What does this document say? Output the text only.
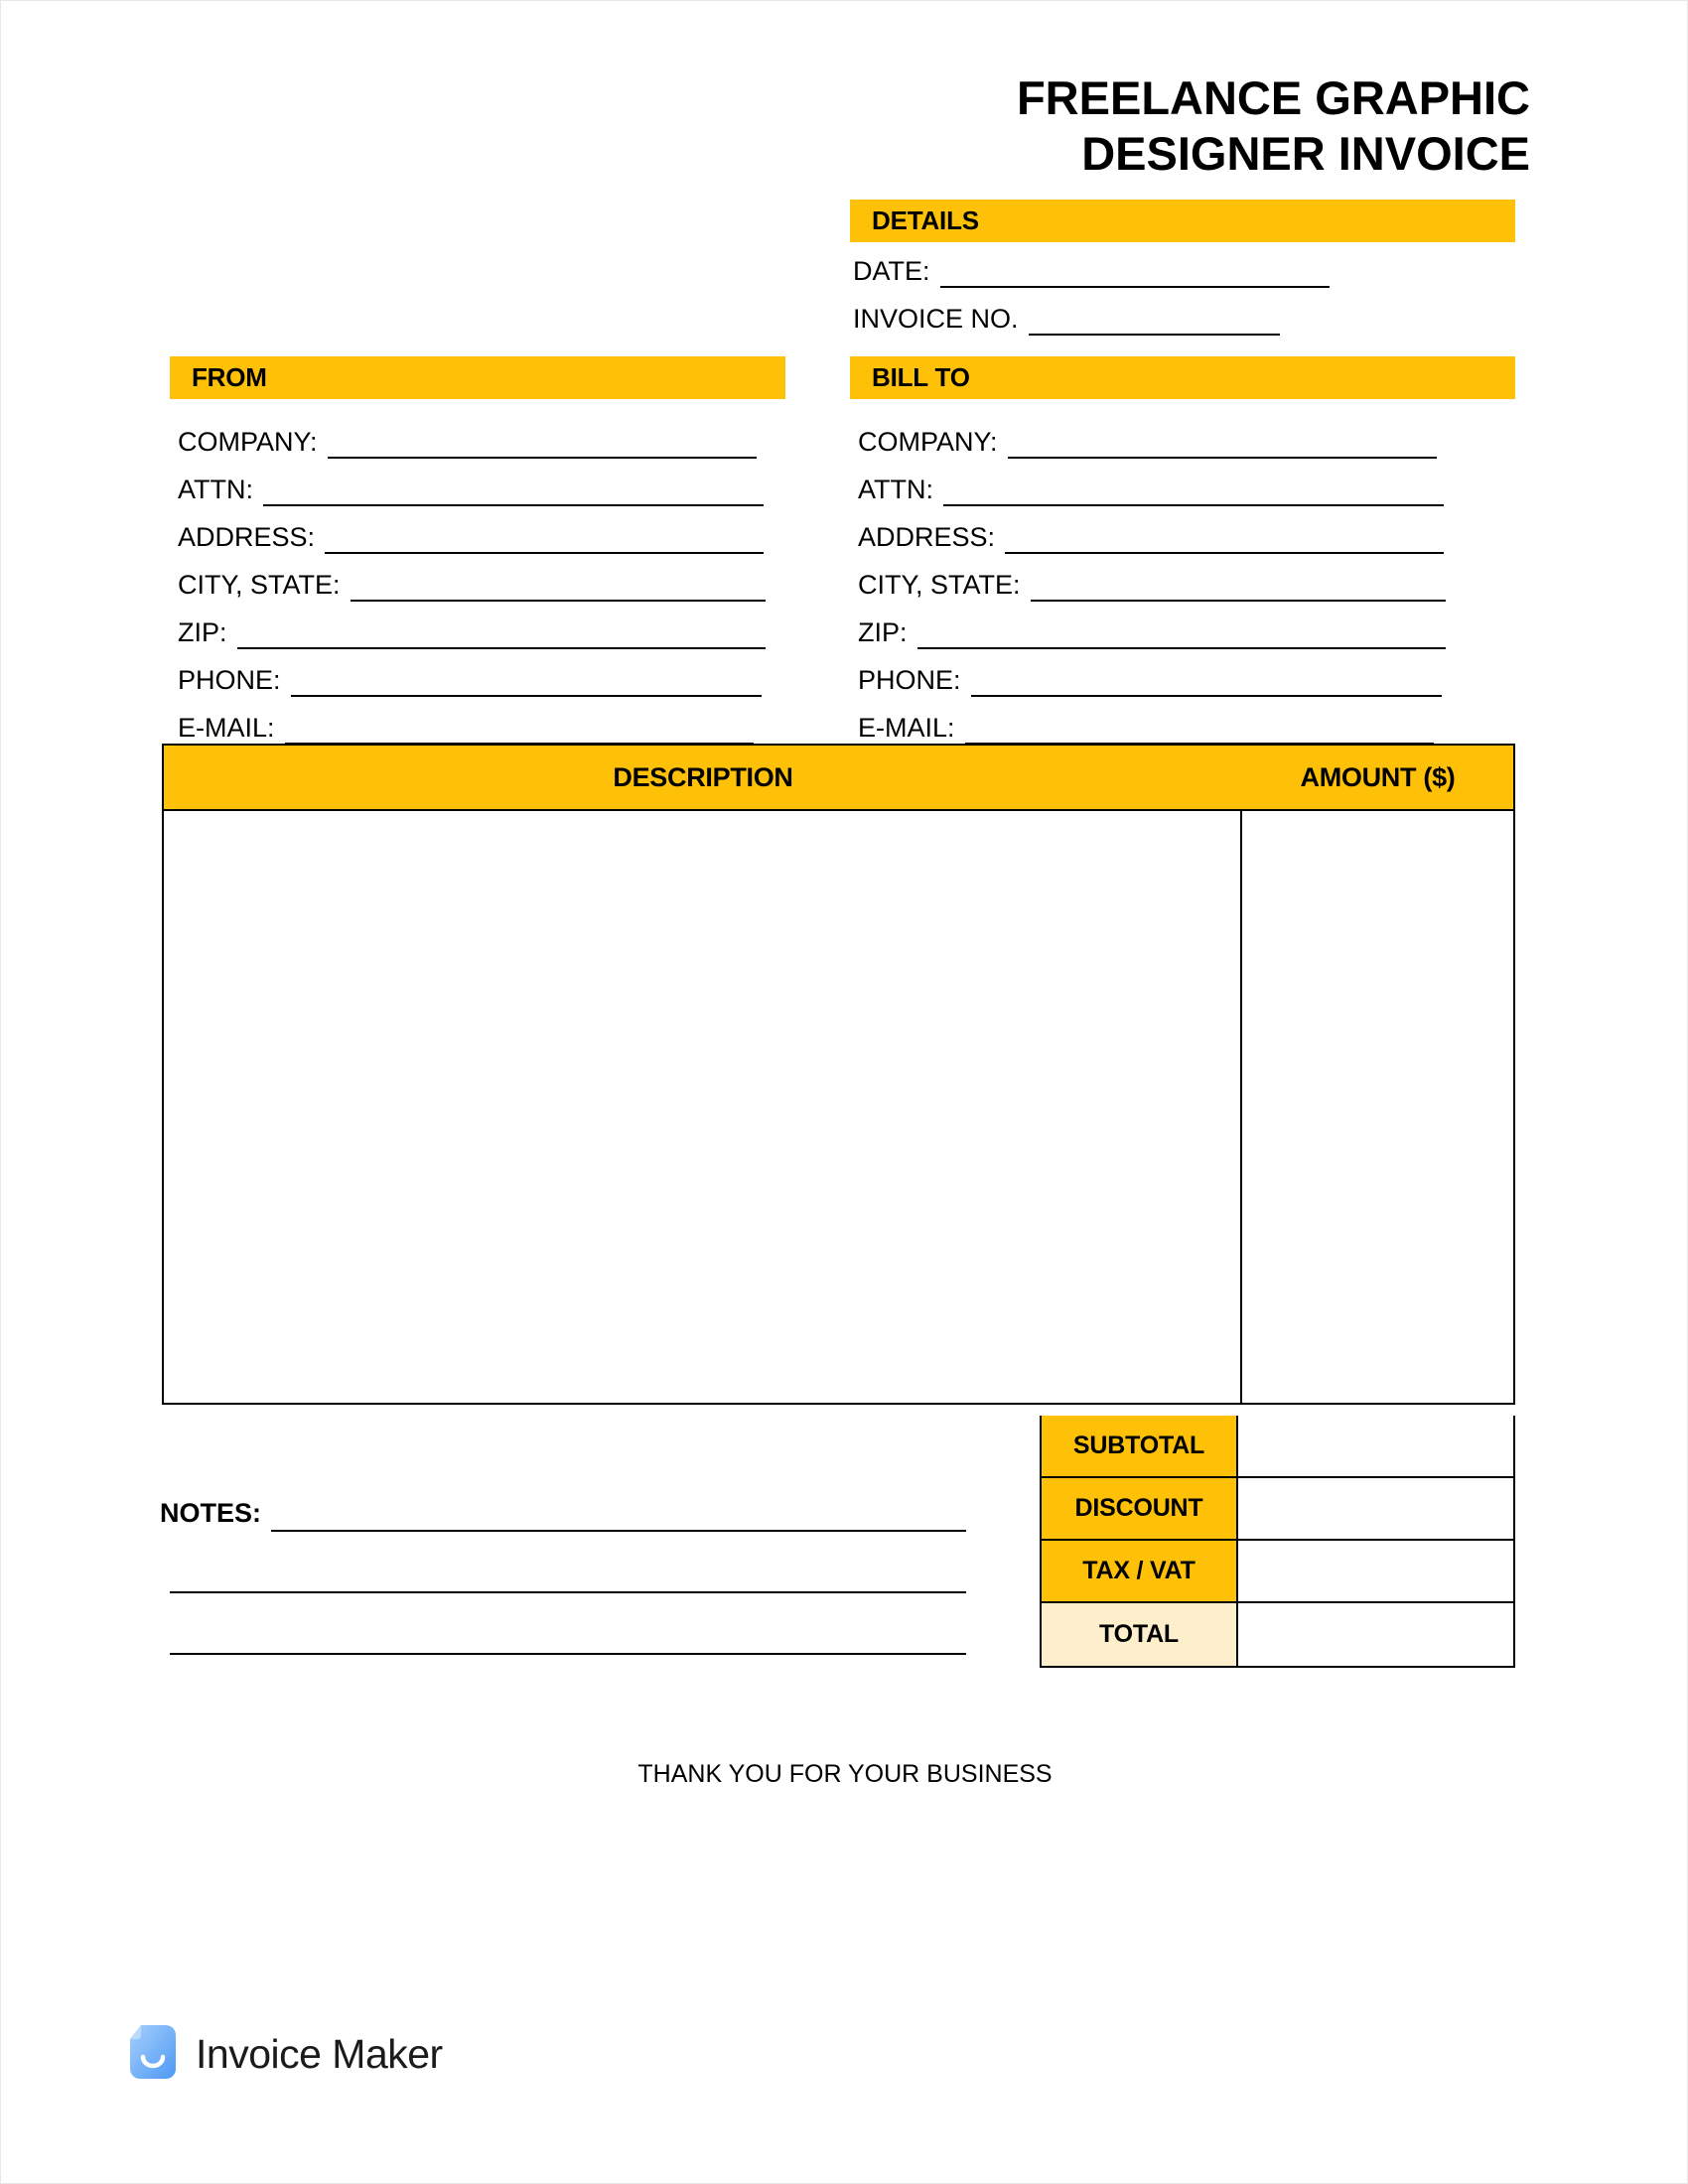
FREELANCE GRAPHIC
DESIGNER INVOICE
DETAILS
DATE:
INVOICE NO.
FROM
COMPANY:
ATTN:
ADDRESS:
CITY, STATE:
ZIP:
PHONE:
E-MAIL:
BILL TO
COMPANY:
ATTN:
ADDRESS:
CITY, STATE:
ZIP:
PHONE:
E-MAIL:
DESCRIPTION	AMOUNT ($)
SUBTOTAL
DISCOUNT
TAX / VAT
TOTAL
NOTES:
THANK YOU FOR YOUR BUSINESS
Invoice Maker
